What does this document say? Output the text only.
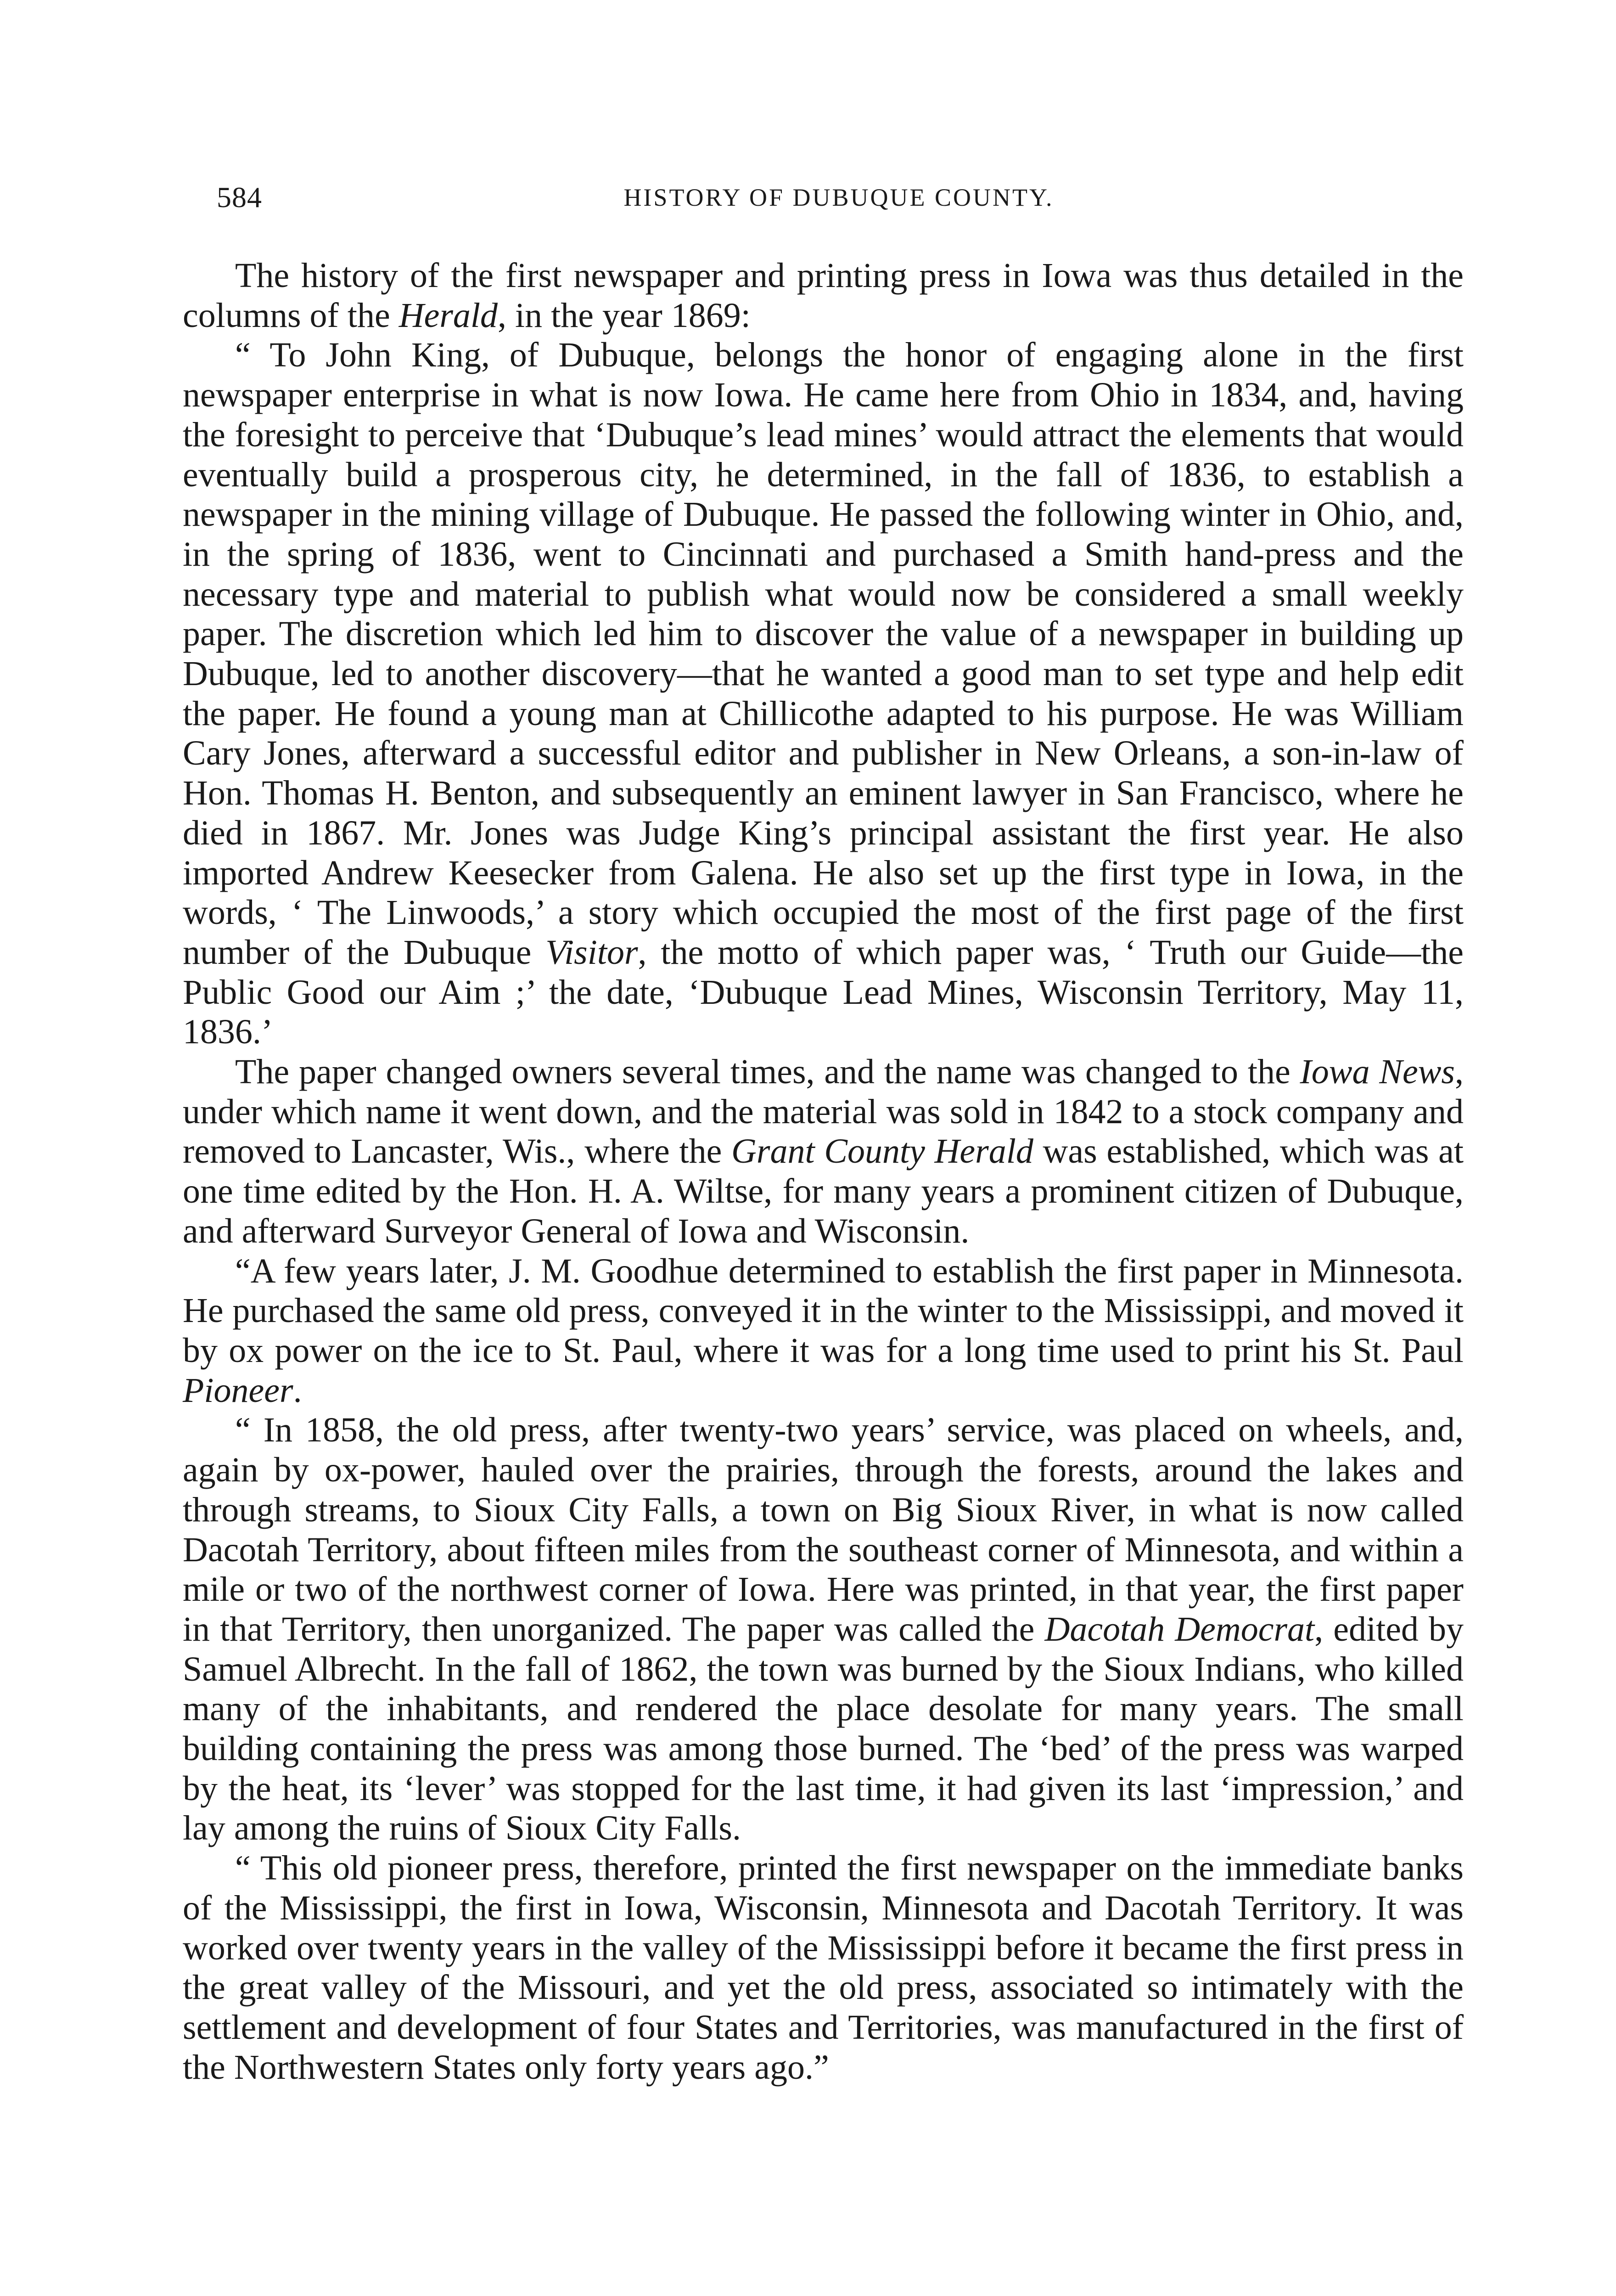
584	HISTORY OF DUBUQUE COUNTY.

The history of the first newspaper and printing press in Iowa was thus detailed in the columns of the Herald, in the year 1869:

“ To John King, of Dubuque, belongs the honor of engaging alone in the first newspaper enterprise in what is now Iowa. He came here from Ohio in 1834, and, having the foresight to perceive that ‘Dubuque’s lead mines’ would attract the elements that would eventually build a prosperous city, he determined, in the fall of 1836, to establish a newspaper in the mining village of Dubuque. He passed the following winter in Ohio, and, in the spring of 1836, went to Cincinnati and purchased a Smith hand-press and the necessary type and material to publish what would now be considered a small weekly paper. The discretion which led him to discover the value of a newspaper in building up Dubuque, led to another discovery—that he wanted a good man to set type and help edit the paper. He found a young man at Chillicothe adapted to his purpose. He was William Cary Jones, afterward a successful editor and publisher in New Orleans, a son-in-law of Hon. Thomas H. Benton, and subsequently an eminent lawyer in San Francisco, where he died in 1867. Mr. Jones was Judge King’s principal assistant the first year. He also imported Andrew Keesecker from Galena. He also set up the first type in Iowa, in the words, ‘ The Linwoods,’ a story which occupied the most of the first page of the first number of the Dubuque Visitor, the motto of which paper was, ‘ Truth our Guide—the Public Good our Aim ;’ the date, ‘Dubuque Lead Mines, Wisconsin Territory, May 11, 1836.’

The paper changed owners several times, and the name was changed to the Iowa News, under which name it went down, and the material was sold in 1842 to a stock company and removed to Lancaster, Wis., where the Grant County Herald was established, which was at one time edited by the Hon. H. A. Wiltse, for many years a prominent citizen of Dubuque, and afterward Surveyor General of Iowa and Wisconsin.

“A few years later, J. M. Goodhue determined to establish the first paper in Minnesota. He purchased the same old press, conveyed it in the winter to the Mississippi, and moved it by ox power on the ice to St. Paul, where it was for a long time used to print his St. Paul Pioneer.

“ In 1858, the old press, after twenty-two years’ service, was placed on wheels, and, again by ox-power, hauled over the prairies, through the forests, around the lakes and through streams, to Sioux City Falls, a town on Big Sioux River, in what is now called Dacotah Territory, about fifteen miles from the southeast corner of Minnesota, and within a mile or two of the northwest corner of Iowa. Here was printed, in that year, the first paper in that Territory, then unorganized. The paper was called the Dacotah Democrat, edited by Samuel Albrecht. In the fall of 1862, the town was burned by the Sioux Indians, who killed many of the inhabitants, and rendered the place desolate for many years. The small building containing the press was among those burned. The ‘bed’ of the press was warped by the heat, its ‘lever’ was stopped for the last time, it had given its last ‘impression,’ and lay among the ruins of Sioux City Falls.

“ This old pioneer press, therefore, printed the first newspaper on the immediate banks of the Mississippi, the first in Iowa, Wisconsin, Minnesota and Dacotah Territory. It was worked over twenty years in the valley of the Mississippi before it became the first press in the great valley of the Missouri, and yet the old press, associated so intimately with the settlement and development of four States and Territories, was manufactured in the first of the Northwestern States only forty years ago.”
